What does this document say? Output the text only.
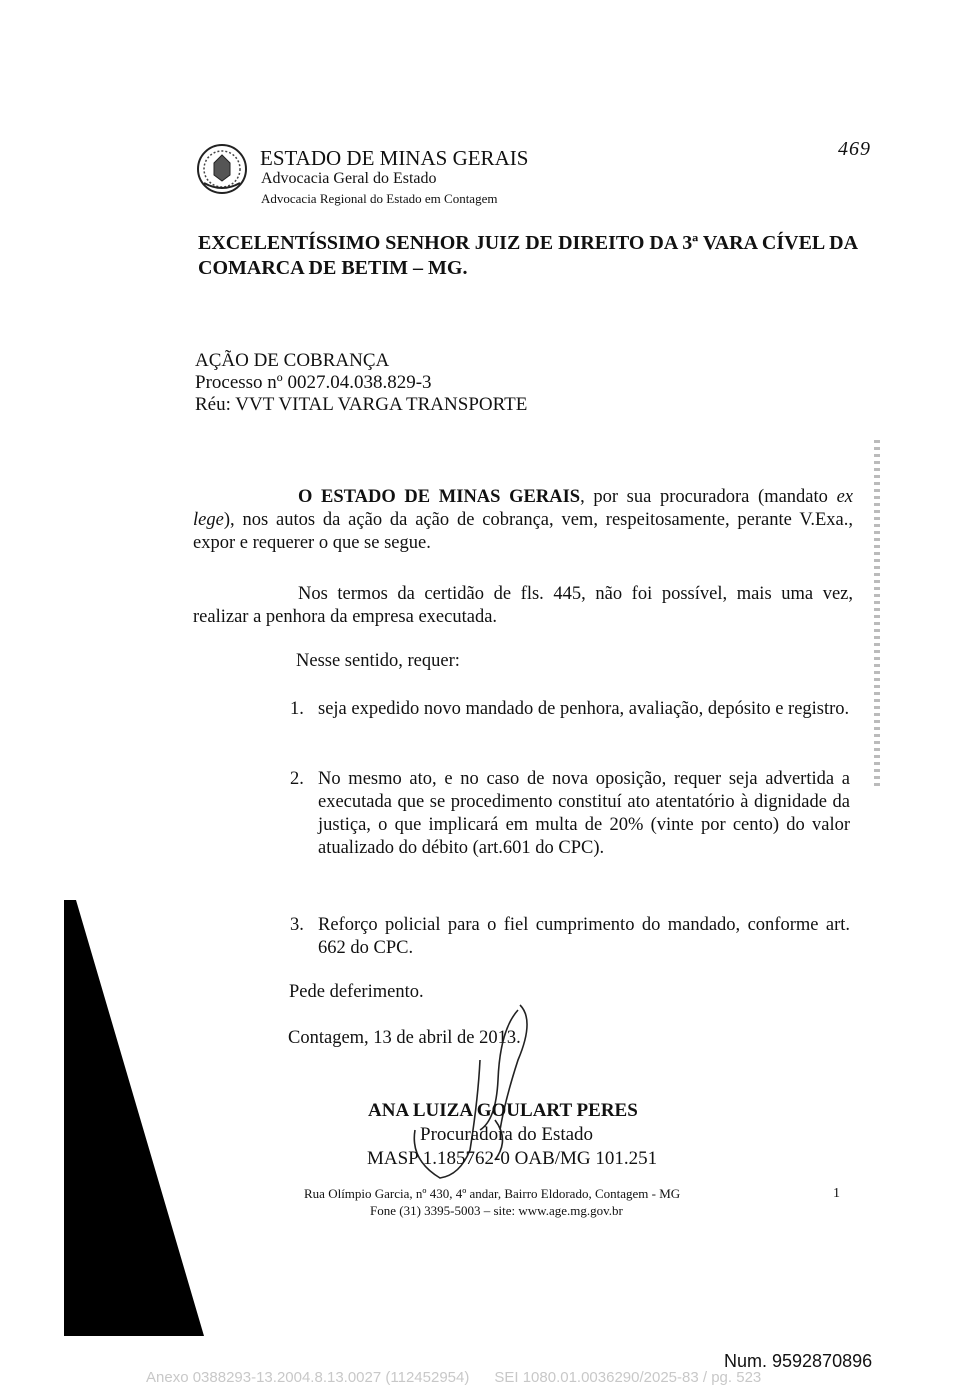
ESTADO DE MINAS GERAIS
Advocacia Geral do Estado
Advocacia Regional do Estado em Contagem
469
EXCELENTÍSSIMO SENHOR JUIZ DE DIREITO DA 3ª VARA CÍVEL DA COMARCA DE BETIM – MG.
AÇÃO DE COBRANÇA
Processo nº 0027.04.038.829-3
Réu: VVT VITAL VARGA TRANSPORTE
O ESTADO DE MINAS GERAIS, por sua procuradora (mandato ex lege), nos autos da ação da ação de cobrança, vem, respeitosamente, perante V.Exa., expor e requerer o que se segue.
Nos termos da certidão de fls. 445, não foi possível, mais uma vez, realizar a penhora da empresa executada.
Nesse sentido, requer:
1. seja expedido novo mandado de penhora, avaliação, depósito e registro.
2. No mesmo ato, e no caso de nova oposição, requer seja advertida a executada que se procedimento constituí ato atentatório à dignidade da justiça, o que implicará em multa de 20% (vinte por cento) do valor atualizado do débito (art.601 do CPC).
3. Reforço policial para o fiel cumprimento do mandado, conforme art. 662 do CPC.
Pede deferimento.
Contagem, 13 de abril de 2013.
ANA LUIZA GOULART PERES
Procuradora do Estado
MASP 1.185762-0 OAB/MG 101.251
Rua Olímpio Garcia, nº 430, 4º andar, Bairro Eldorado, Contagem - MG
Fone (31) 3395-5003 – site: www.age.mg.gov.br
1
Num. 9592870896
Anexo 0388293-13.2004.8.13.0027 (112452954) SEI 1080.01.0036290/2025-83 / pg. 523
